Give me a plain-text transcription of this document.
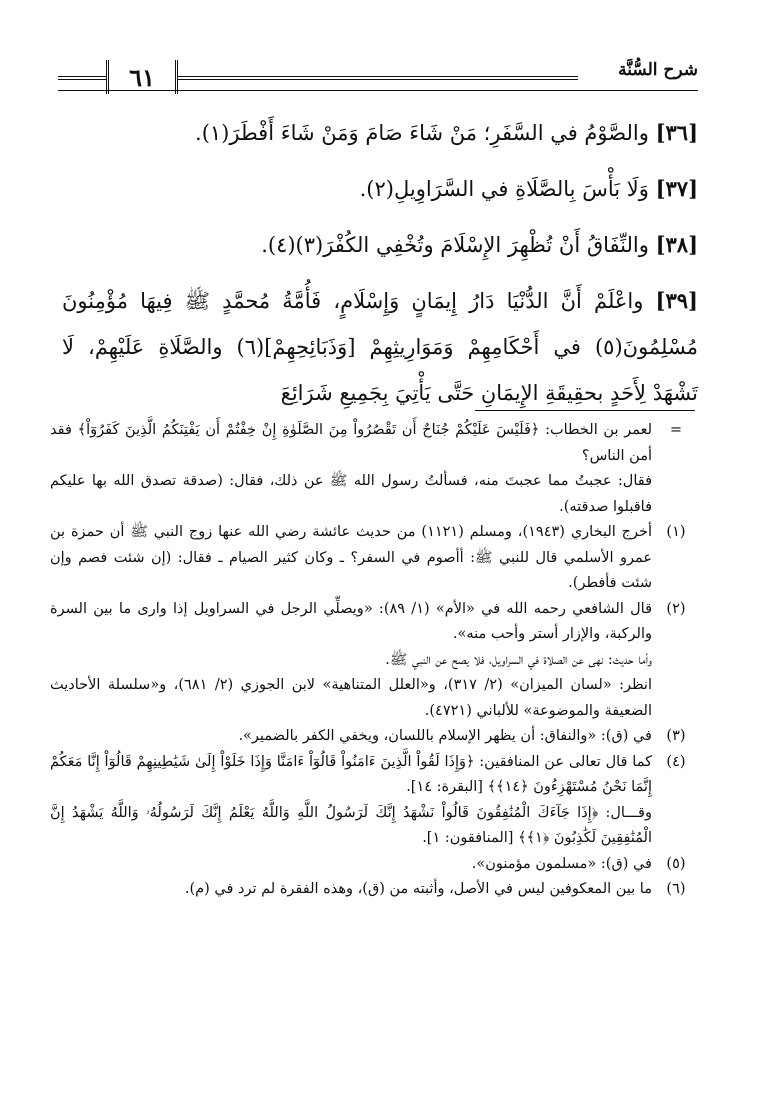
٦١	شرح السُّنَّة

[٣٦] والصَّوْمُ في السَّفَرِ؛ مَنْ شَاءَ صَامَ وَمَنْ شَاءَ أَفْطَرَ(١).

[٣٧] وَلَا بَأْسَ بِالصَّلَاةِ في السَّرَاوِيلِ(٢).

[٣٨] والنِّفَاقُ أَنْ تُظْهِرَ الإِسْلَامَ وتُخْفِي الكُفْرَ(٣)(٤).

[٣٩] واعْلَمْ أَنَّ الدُّنْيَا دَارُ إِيمَانٍ وَإِسْلَامٍ، فَأُمَّةُ مُحمَّدٍ ﷺ فِيهَا مُؤْمِنُونَ مُسْلِمُونَ(٥) في أَحْكَامِهِمْ وَمَوَارِيثِهِمْ [وَذَبَائِحِهِمْ](٦) والصَّلَاةِ عَلَيْهِمْ، لَا تَشْهَدْ لِأَحَدٍ بحقِيقَةِ الإِيمَانِ حَتَّى يَأْتِيَ بِجَمِيعِ شَرَائِعَ

=

لعمر بن الخطاب: ﴿فَلَيْسَ عَلَيْكُمْ جُنَاحٌ أَن تَقْصُرُواْ مِنَ الصَّلَوٰةِ إِنْ خِفْتُمْ أَن يَفْتِنَكُمُ الَّذِينَ كَفَرُوٓاْ﴾ فقد أمن الناس؟

فقال: عجبتُ مما عجبتَ منه، فسألتُ رسول الله ﷺ عن ذلك، فقال: (صدقة تصدق الله بها عليكم فاقبلوا صدقته).

(١)

أخرج البخاري (١٩٤٣)، ومسلم (١١٢١) من حديث عائشة رضي الله عنها زوج النبي ﷺ أن حمزة بن عمرو الأسلمي قال للنبي ﷺ: أأصوم في السفر؟ ـ وكان كثير الصيام ـ فقال: (إن شئت فصم وإن شئت فأفطر).

(٢)

قال الشافعي رحمه الله في «الأم» (١/ ٨٩): «ويصلِّي الرجل في السراويل إذا وارى ما بين السرة والركبة، والإزار أستر وأحب منه».

وأما حديث: نهى عن الصلاة في السراويل، فلا يصح عن النبي ﷺ.

انظر: «لسان الميزان» (٢/ ٣١٧)، و«العلل المتناهية» لابن الجوزي (٢/ ٦٨١)، و«سلسلة الأحاديث الضعيفة والموضوعة» للألباني (٤٧٢١).

(٣)

في (ق): «والنفاق: أن يظهر الإسلام باللسان، ويخفي الكفر بالضمير».

(٤)

كما قال تعالى عن المنافقين: ﴿وَإِذَا لَقُواْ الَّذِينَ ءَامَنُواْ قَالُوٓاْ ءَامَنَّا وَإِذَا خَلَوْاْ إِلَىٰ شَيَٰطِينِهِمْ قَالُوٓاْ إِنَّا مَعَكُمْ إِنَّمَا نَحْنُ مُسْتَهْزِءُونَ ﴿١٤﴾﴾ [البقرة: ١٤].

وقـــال: ﴿إِذَا جَآءَكَ الْمُنَٰفِقُونَ قَالُواْ نَشْهَدُ إِنَّكَ لَرَسُولُ اللَّهِ وَاللَّهُ يَعْلَمُ إِنَّكَ لَرَسُولُهُۥ وَاللَّهُ يَشْهَدُ إِنَّ الْمُنَٰفِقِينَ لَكَٰذِبُونَ ﴿١﴾﴾ [المنافقون: ١].

(٥)

في (ق): «مسلمون مؤمنون».

(٦)

ما بين المعكوفين ليس في الأصل، وأثبته من (ق)، وهذه الفقرة لم ترد في (م).
